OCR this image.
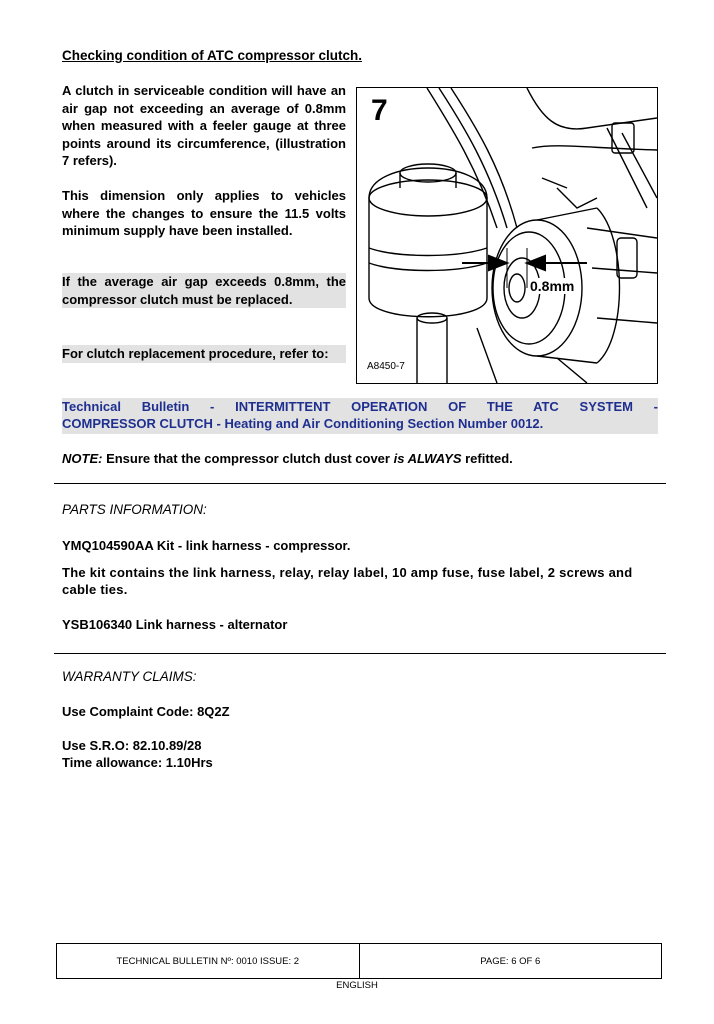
Checking condition of ATC compressor clutch.
A clutch in serviceable condition will have an air gap not exceeding an average of 0.8mm when measured with a feeler gauge at three points around its circumference, (illustration 7 refers).
This dimension only applies to vehicles where the changes to ensure the 11.5 volts minimum supply have been installed.
If the average air gap exceeds 0.8mm, the compressor clutch must be replaced.
For clutch replacement procedure, refer to:
7
0.8mm
A8450-7
Technical Bulletin - INTERMITTENT OPERATION OF THE ATC SYSTEM -
COMPRESSOR CLUTCH - Heating and Air Conditioning Section Number 0012.
NOTE: Ensure that the compressor clutch dust cover is ALWAYS refitted.
PARTS INFORMATION:
YMQ104590AA Kit - link harness - compressor.
The kit contains the link harness, relay, relay label, 10 amp fuse, fuse label, 2 screws and cable ties.
YSB106340 Link harness - alternator
WARRANTY CLAIMS:
Use Complaint Code: 8Q2Z
Use S.R.O: 82.10.89/28
Time allowance: 1.10Hrs
TECHNICAL BULLETIN Nº: 0010 ISSUE: 2	PAGE: 6 OF 6
ENGLISH
